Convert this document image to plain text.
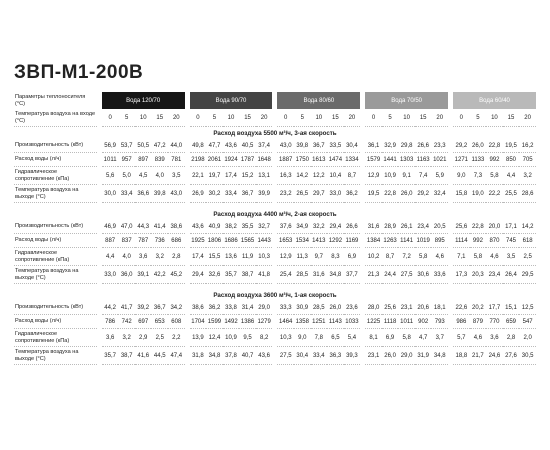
ЗВП-М1-200В
Параметры теплоносителя (°С)		Вода 120/70						Вода 90/70						Вода 80/60						Вода 70/50						Вода 60/40				
Температура воздуха на входе (°С)		0	5	10	15	20		0	5	10	15	20		0	5	10	15	20		0	5	10	15	20		0	5	10	15	20
Расход воздуха 5500 м³/ч, 3-ая скорость																														
Производительность (кВт)		56,9	53,7	50,5	47,2	44,0		49,8	47,7	43,6	40,5	37,4		43,0	39,8	36,7	33,5	30,4		36,1	32,9	29,8	26,6	23,3		29,2	26,0	22,8	19,5	16,2
Расход воды (л/ч)		1011	957	897	839	781		2198	2061	1924	1787	1648		1887	1750	1613	1474	1334		1579	1441	1303	1163	1021		1271	1133	992	850	705
Гидравлическое сопротивление (кПа)		5,6	5,0	4,5	4,0	3,5		22,1	19,7	17,4	15,2	13,1		16,3	14,2	12,2	10,4	8,7		12,9	10,9	9,1	7,4	5,9		9,0	7,3	5,8	4,4	3,2
Температура воздуха на выходе (°С)		30,0	33,4	36,6	39,8	43,0		26,9	30,2	33,4	36,7	39,9		23,2	26,5	29,7	33,0	36,2		19,5	22,8	26,0	29,2	32,4		15,8	19,0	22,2	25,5	28,6

Расход воздуха 4400 м³/ч, 2-ая скорость																														
Производительность (кВт)		46,9	47,0	44,3	41,4	38,6		43,6	40,9	38,2	35,5	32,7		37,6	34,9	32,2	29,4	26,6		31,6	28,9	26,1	23,4	20,5		25,6	22,8	20,0	17,1	14,2
Расход воды (л/ч)		887	837	787	736	686		1925	1806	1686	1565	1443		1653	1534	1413	1292	1169		1384	1263	1141	1019	895		1114	992	870	745	618
Гидравлическое сопротивление (кПа)		4,4	4,0	3,6	3,2	2,8		17,4	15,5	13,6	11,9	10,3		12,9	11,3	9,7	8,3	6,9		10,2	8,7	7,2	5,8	4,6		7,1	5,8	4,6	3,5	2,5
Температура воздуха на выходе (°С)		33,0	36,0	39,1	42,2	45,2		29,4	32,6	35,7	38,7	41,8		25,4	28,5	31,6	34,8	37,7		21,3	24,4	27,5	30,6	33,6		17,3	20,3	23,4	26,4	29,5

Расход воздуха 3600 м³/ч, 1-ая скорость																														
Производительность (кВт)		44,2	41,7	39,2	36,7	34,2		38,6	36,2	33,8	31,4	29,0		33,3	30,9	28,5	26,0	23,6		28,0	25,6	23,1	20,6	18,1		22,6	20,2	17,7	15,1	12,5
Расход воды (л/ч)		786	742	697	653	608		1704	1599	1492	1386	1279		1464	1358	1251	1143	1033		1225	1118	1011	902	793		986	879	770	659	547
Гидравлическое сопротивление (кПа)		3,6	3,2	2,9	2,5	2,2		13,9	12,4	10,9	9,5	8,2		10,3	9,0	7,8	6,5	5,4		8,1	6,9	5,8	4,7	3,7		5,7	4,6	3,6	2,8	2,0
Температура воздуха на выходе (°С)		35,7	38,7	41,6	44,5	47,4		31,8	34,8	37,8	40,7	43,6		27,5	30,4	33,4	36,3	39,3		23,1	26,0	29,0	31,9	34,8		18,8	21,7	24,6	27,6	30,5
